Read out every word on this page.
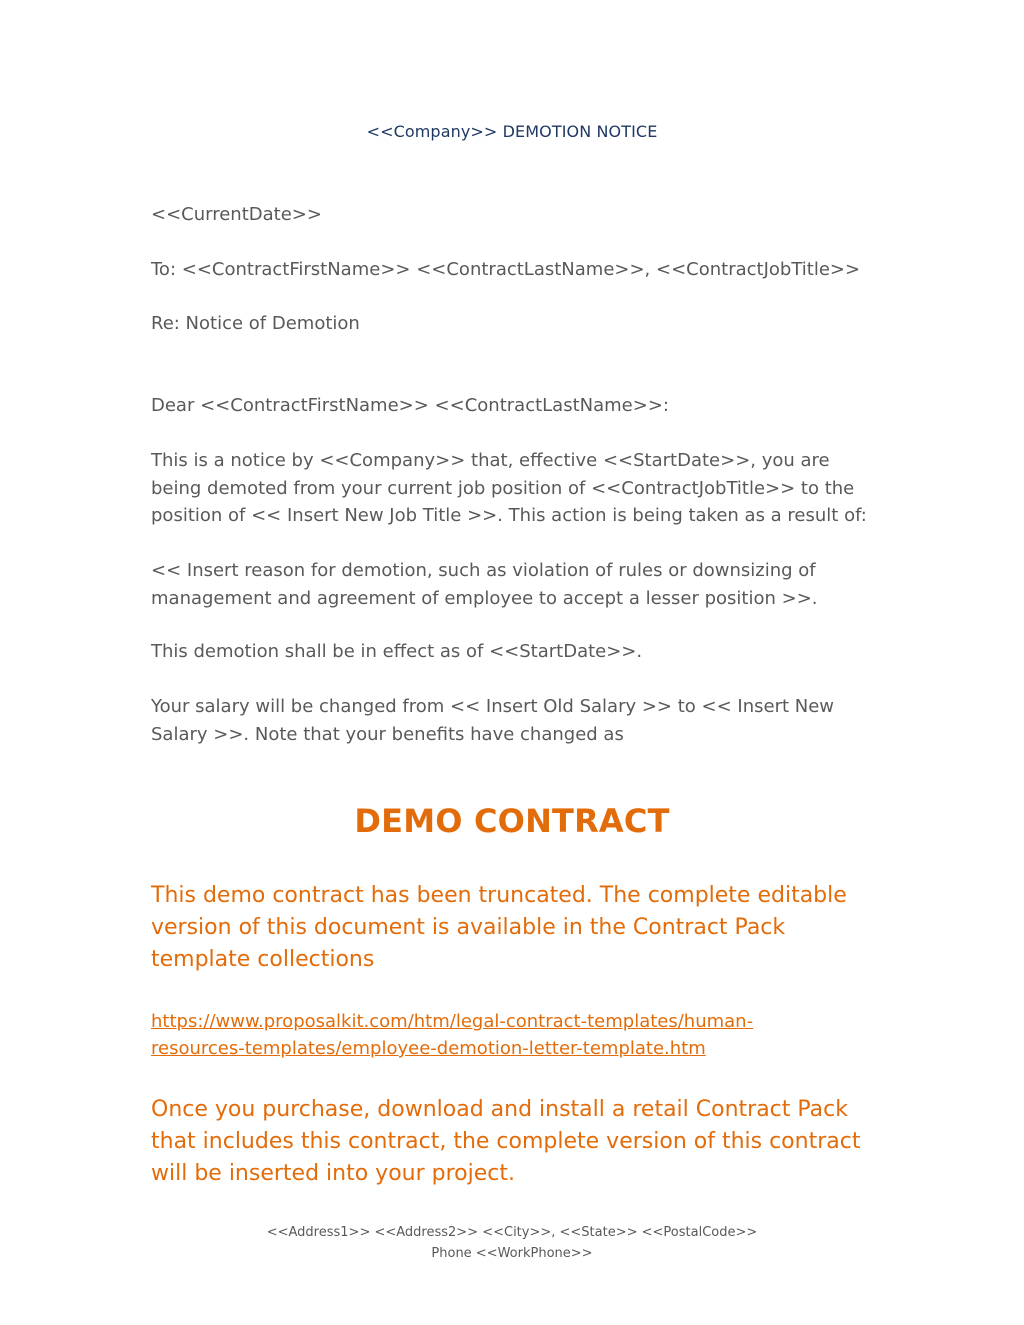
<<Company>> DEMOTION NOTICE
<<CurrentDate>>
To: <<ContractFirstName>> <<ContractLastName>>, <<ContractJobTitle>>
Re: Notice of Demotion
Dear <<ContractFirstName>> <<ContractLastName>>:
This is a notice by <<Company>> that, effective <<StartDate>>, you are being demoted from your current job position of <<ContractJobTitle>> to the position of << Insert New Job Title >>. This action is being taken as a result of:
<< Insert reason for demotion, such as violation of rules or downsizing of management and agreement of employee to accept a lesser position >>.
This demotion shall be in effect as of <<StartDate>>.
Your salary will be changed from << Insert Old Salary >> to << Insert New Salary >>. Note that your benefits have changed as
DEMO CONTRACT
This demo contract has been truncated. The complete editable version of this document is available in the Contract Pack template collections
https://www.proposalkit.com/htm/legal-contract-templates/human-
resources-templates/employee-demotion-letter-template.htm
Once you purchase, download and install a retail Contract Pack that includes this contract, the complete version of this contract will be inserted into your project.
<<Address1>> <<Address2>> <<City>>, <<State>> <<PostalCode>>
Phone <<WorkPhone>>
